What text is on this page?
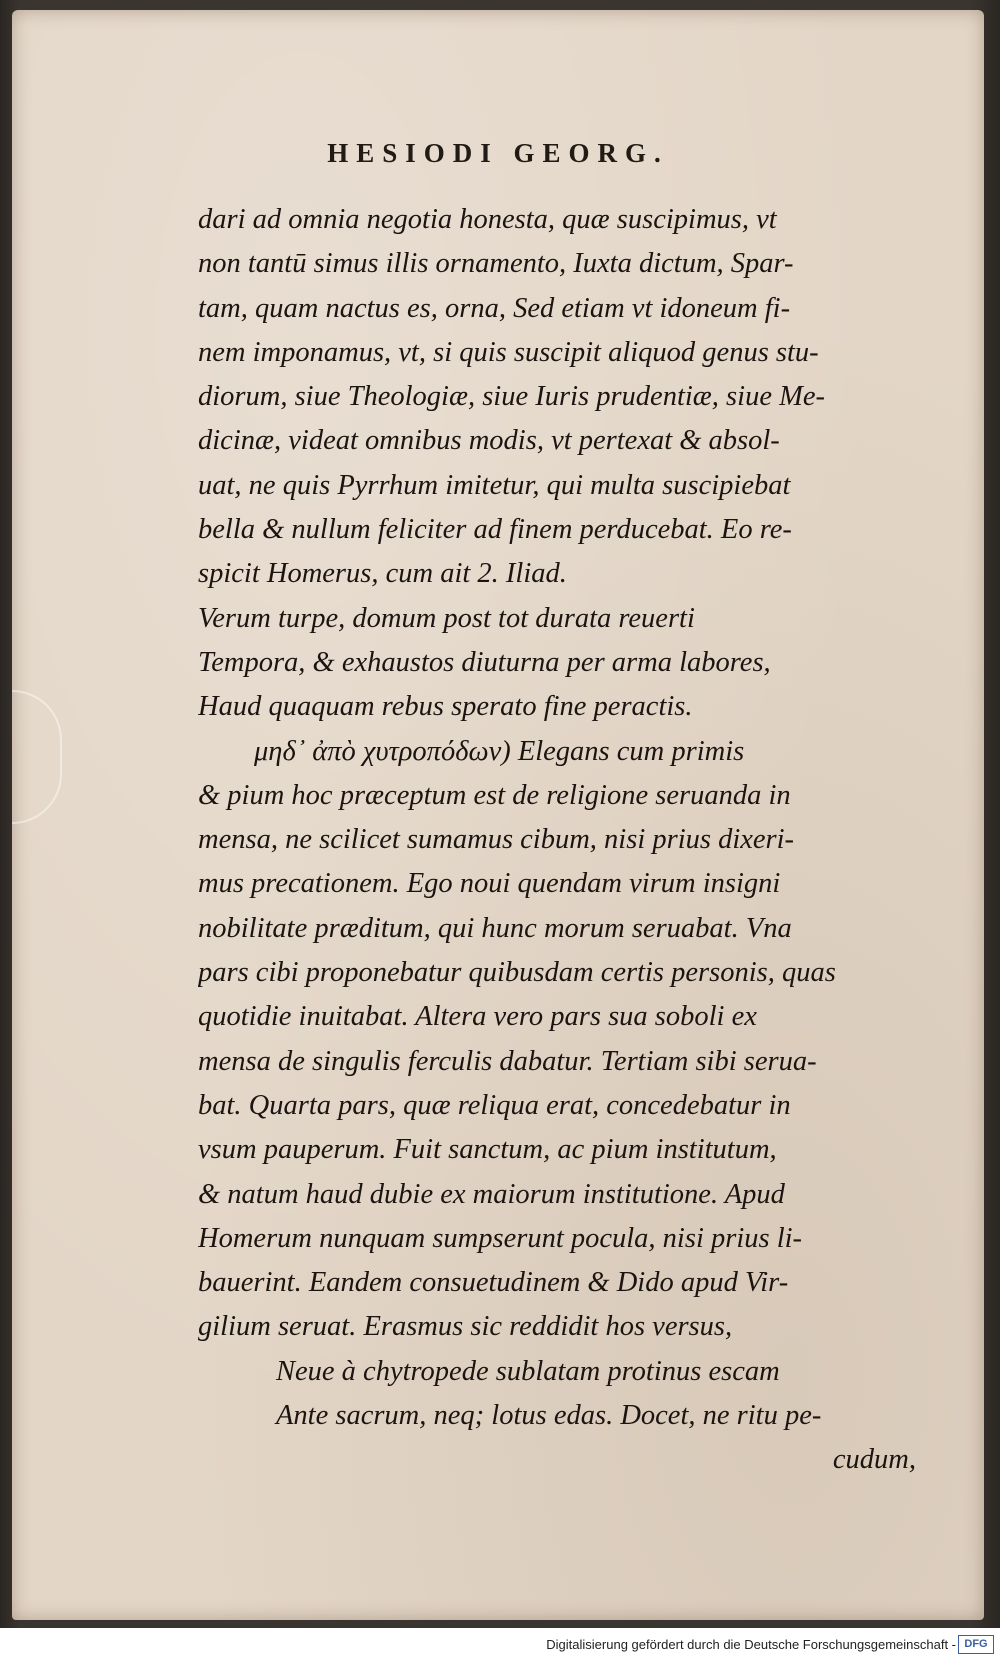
HESIODI GEORG.
dari ad omnia negotia honesta, quæ suscipimus, vt
non tantū simus illis ornamento, Iuxta dictum, Spar-
tam, quam nactus es, orna, Sed etiam vt idoneum fi-
nem imponamus, vt, si quis suscipit aliquod genus stu-
diorum, siue Theologiæ, siue Iuris prudentiæ, siue Me-
dicinæ, videat omnibus modis, vt pertexat & absol-
uat, ne quis Pyrrhum imitetur, qui multa suscipiebat
bella & nullum feliciter ad finem perducebat. Eo re-
spicit Homerus, cum ait 2. Iliad.
Verum turpe, domum post tot durata reuerti
Tempora, & exhaustos diuturna per arma labores,
Haud quaquam rebus sperato fine peractis.
μηδ᾽ ἀπὸ χυτροπόδων) Elegans cum primis
& pium hoc præceptum est de religione seruanda in
mensa, ne scilicet sumamus cibum, nisi prius dixeri-
mus precationem. Ego noui quendam virum insigni
nobilitate præditum, qui hunc morum seruabat. Vna
pars cibi proponebatur quibusdam certis personis, quas
quotidie inuitabat. Altera vero pars sua soboli ex
mensa de singulis ferculis dabatur. Tertiam sibi serua-
bat. Quarta pars, quæ reliqua erat, concedebatur in
vsum pauperum. Fuit sanctum, ac pium institutum,
& natum haud dubie ex maiorum institutione. Apud
Homerum nunquam sumpserunt pocula, nisi prius li-
bauerint. Eandem consuetudinem & Dido apud Vir-
gilium seruat. Erasmus sic reddidit hos versus,
Neue à chytropede sublatam protinus escam
Ante sacrum, neq; lotus edas. Docet, ne ritu pe-
cudum,
Digitalisierung gefördert durch die Deutsche Forschungsgemeinschaft - DFG
